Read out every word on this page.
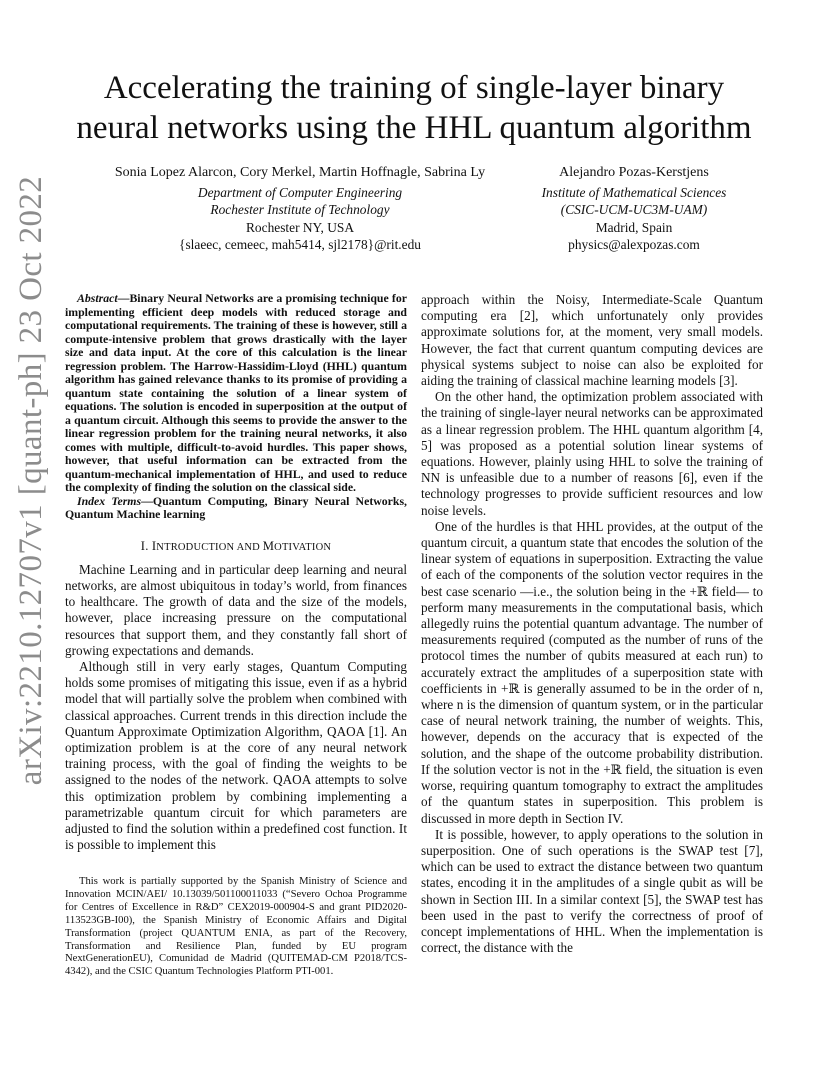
arXiv:2210.12707v1 [quant-ph] 23 Oct 2022
Accelerating the training of single-layer binary
neural networks using the HHL quantum algorithm
Sonia Lopez Alarcon, Cory Merkel, Martin Hoffnagle, Sabrina Ly
Department of Computer Engineering
Rochester Institute of Technology
Rochester NY, USA
{slaeec, cemeec, mah5414, sjl2178}@rit.edu
Alejandro Pozas-Kerstjens
Institute of Mathematical Sciences
(CSIC-UCM-UC3M-UAM)
Madrid, Spain
physics@alexpozas.com

Abstract—Binary Neural Networks are a promising technique for implementing efficient deep models with reduced storage and computational requirements. The training of these is however, still a compute-intensive problem that grows drastically with the layer size and data input. At the core of this calculation is the linear regression problem. The Harrow-Hassidim-Lloyd (HHL) quantum algorithm has gained relevance thanks to its promise of providing a quantum state containing the solution of a linear system of equations. The solution is encoded in superposition at the output of a quantum circuit. Although this seems to provide the answer to the linear regression problem for the training neural networks, it also comes with multiple, difficult-to-avoid hurdles. This paper shows, however, that useful information can be extracted from the quantum-mechanical implementation of HHL, and used to reduce the complexity of finding the solution on the classical side.

Index Terms—Quantum Computing, Binary Neural Networks, Quantum Machine learning

I. INTRODUCTION AND MOTIVATION

Machine Learning and in particular deep learning and neural networks, are almost ubiquitous in today’s world, from finances to healthcare. The growth of data and the size of the models, however, place increasing pressure on the computational resources that support them, and they constantly fall short of growing expectations and demands.

Although still in very early stages, Quantum Computing holds some promises of mitigating this issue, even if as a hybrid model that will partially solve the problem when combined with classical approaches. Current trends in this direction include the Quantum Approximate Optimization Algorithm, QAOA [1]. An optimization problem is at the core of any neural network training process, with the goal of finding the weights to be assigned to the nodes of the network. QAOA attempts to solve this optimization problem by combining implementing a parametrizable quantum circuit for which parameters are adjusted to find the solution within a predefined cost function. It is possible to implement this

approach within the Noisy, Intermediate-Scale Quantum computing era [2], which unfortunately only provides approximate solutions for, at the moment, very small models. However, the fact that current quantum computing devices are physical systems subject to noise can also be exploited for aiding the training of classical machine learning models [3].

On the other hand, the optimization problem associated with the training of single-layer neural networks can be approximated as a linear regression problem. The HHL quantum algorithm [4, 5] was proposed as a potential solution linear systems of equations. However, plainly using HHL to solve the training of NN is unfeasible due to a number of reasons [6], even if the technology progresses to provide sufficient resources and low noise levels.

One of the hurdles is that HHL provides, at the output of the quantum circuit, a quantum state that encodes the solution of the linear system of equations in superposition. Extracting the value of each of the components of the solution vector requires in the best case scenario —i.e., the solution being in the +ℝ field— to perform many measurements in the computational basis, which allegedly ruins the potential quantum advantage. The number of measurements required (computed as the number of runs of the protocol times the number of qubits measured at each run) to accurately extract the amplitudes of a superposition state with coefficients in +ℝ is generally assumed to be in the order of n, where n is the dimension of quantum system, or in the particular case of neural network training, the number of weights. This, however, depends on the accuracy that is expected of the solution, and the shape of the outcome probability distribution. If the solution vector is not in the +ℝ field, the situation is even worse, requiring quantum tomography to extract the amplitudes of the quantum states in superposition. This problem is discussed in more depth in Section IV.

It is possible, however, to apply operations to the solution in superposition. One of such operations is the SWAP test [7], which can be used to extract the distance between two quantum states, encoding it in the amplitudes of a single qubit as will be shown in Section III. In a similar context [5], the SWAP test has been used in the past to verify the correctness of proof of concept implementations of HHL. When the implementation is correct, the distance with the

This work is partially supported by the Spanish Ministry of Science and Innovation MCIN/AEI/ 10.13039/501100011033 (“Severo Ochoa Programme for Centres of Excellence in R&D” CEX2019-000904-S and grant PID2020-113523GB-I00), the Spanish Ministry of Economic Affairs and Digital Transformation (project QUANTUM ENIA, as part of the Recovery, Transformation and Resilience Plan, funded by EU program NextGenerationEU), Comunidad de Madrid (QUITEMAD-CM P2018/TCS-4342), and the CSIC Quantum Technologies Platform PTI-001.
